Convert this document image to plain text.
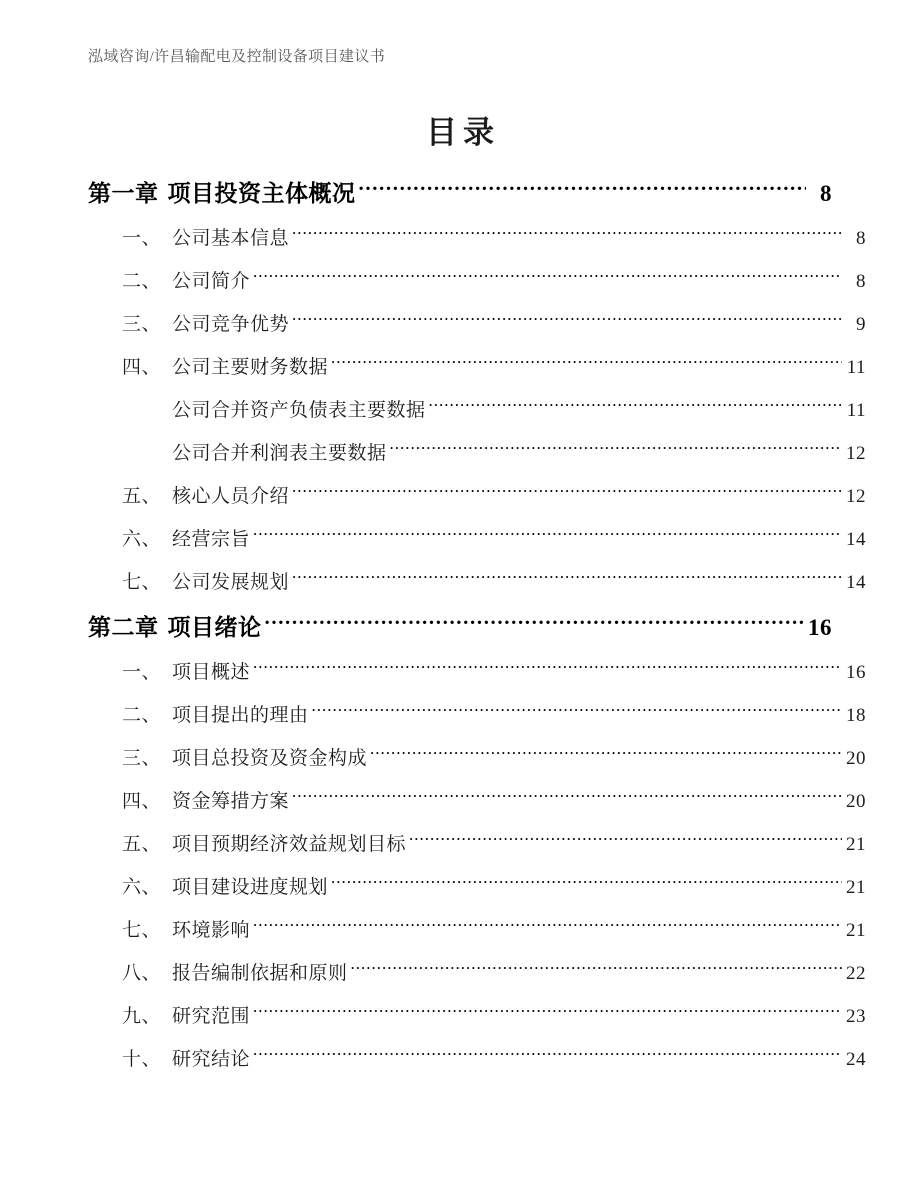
泓域咨询/许昌输配电及控制设备项目建议书
目录
第一章 项目投资主体概况 .....	8
一、 公司基本信息 .....	8
二、 公司简介 .....	8
三、 公司竞争优势 .....	9
四、 公司主要财务数据 .....	11
公司合并资产负债表主要数据 .....	11
公司合并利润表主要数据 .....	12
五、 核心人员介绍 .....	12
六、 经营宗旨 .....	14
七、 公司发展规划 .....	14
第二章 项目绪论 .....	16
一、 项目概述 .....	16
二、 项目提出的理由 .....	18
三、 项目总投资及资金构成 .....	20
四、 资金筹措方案 .....	20
五、 项目预期经济效益规划目标 .....	21
六、 项目建设进度规划 .....	21
七、 环境影响 .....	21
八、 报告编制依据和原则 .....	22
九、 研究范围 .....	23
十、 研究结论 .....	24
